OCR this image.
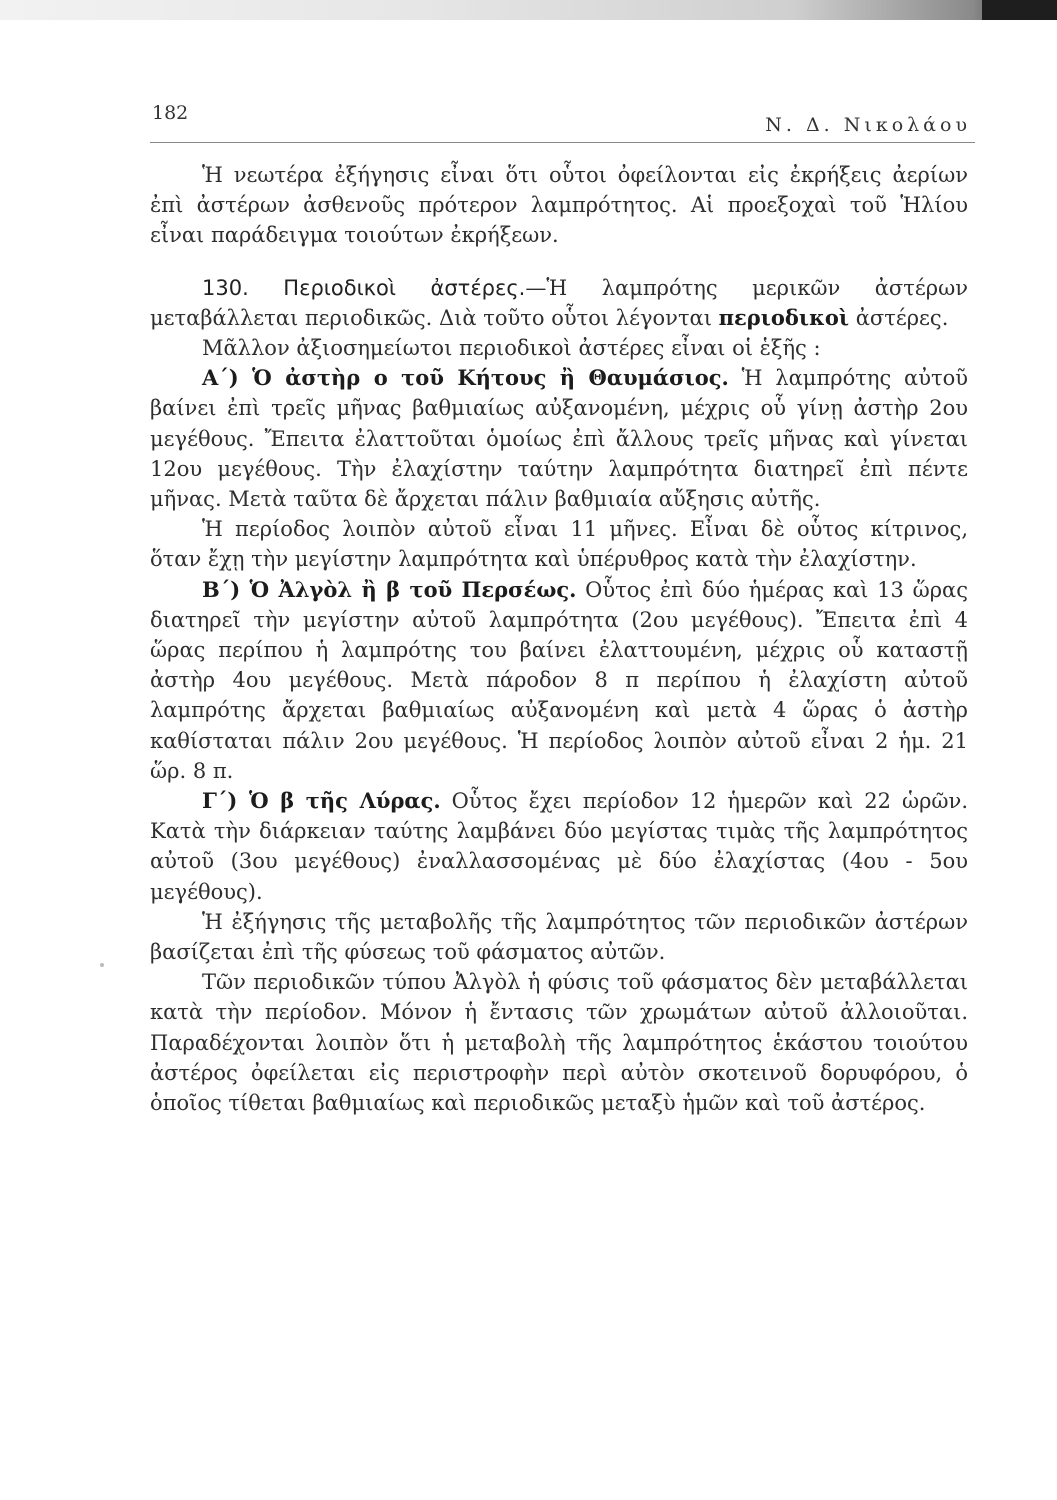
182
Ν. Δ. Νικολάου

Ἡ νεωτέρα ἐξήγησις εἶναι ὅτι οὗτοι ὀφείλονται εἰς ἐκρήξεις ἀερίων ἐπὶ ἀστέρων ἀσθενοῦς πρότερον λαμπρότητος. Αἱ προεξοχαὶ τοῦ Ἡλίου εἶναι παράδειγμα τοιούτων ἐκρήξεων.

130. Περιοδικοὶ ἀστέρες.—Ἡ λαμπρότης μερικῶν ἀστέρων μεταβάλλεται περιοδικῶς. Διὰ τοῦτο οὗτοι λέγονται περιοδικοὶ ἀστέρες.

Μᾶλλον ἀξιοσημείωτοι περιοδικοὶ ἀστέρες εἶναι οἱ ἑξῆς :

Α΄) Ὁ ἀστὴρ ο τοῦ Κήτους ἢ Θαυμάσιος. Ἡ λαμπρότης αὐτοῦ βαίνει ἐπὶ τρεῖς μῆνας βαθμιαίως αὐξανομένη, μέχρις οὗ γίνῃ ἀστὴρ 2ου μεγέθους. Ἔπειτα ἐλαττοῦται ὁμοίως ἐπὶ ἄλλους τρεῖς μῆνας καὶ γίνεται 12ου μεγέθους. Τὴν ἐλαχίστην ταύτην λαμπρότητα διατηρεῖ ἐπὶ πέντε μῆνας. Μετὰ ταῦτα δὲ ἄρχεται πάλιν βαθμιαία αὔξησις αὐτῆς.

Ἡ περίοδος λοιπὸν αὐτοῦ εἶναι 11 μῆνες. Εἶναι δὲ οὗτος κίτρινος, ὅταν ἔχῃ τὴν μεγίστην λαμπρότητα καὶ ὑπέρυθρος κατὰ τὴν ἐλαχίστην.

Β΄) Ὁ Ἀλγὸλ ἢ β τοῦ Περσέως. Οὗτος ἐπὶ δύο ἡμέρας καὶ 13 ὥρας διατηρεῖ τὴν μεγίστην αὐτοῦ λαμπρότητα (2ου μεγέθους). Ἔπειτα ἐπὶ 4 ὥρας περίπου ἡ λαμπρότης του βαίνει ἐλαττουμένη, μέχρις οὗ καταστῇ ἀστὴρ 4ου μεγέθους. Μετὰ πάροδον 8 π περίπου ἡ ἐλαχίστη αὐτοῦ λαμπρότης ἄρχεται βαθμιαίως αὐξανομένη καὶ μετὰ 4 ὥρας ὁ ἀστὴρ καθίσταται πάλιν 2ου μεγέθους. Ἡ περίοδος λοιπὸν αὐτοῦ εἶναι 2 ἡμ. 21 ὥρ. 8 π.

Γ΄) Ὁ β τῆς Λύρας. Οὗτος ἔχει περίοδον 12 ἡμερῶν καὶ 22 ὡρῶν. Κατὰ τὴν διάρκειαν ταύτης λαμβάνει δύο μεγίστας τιμὰς τῆς λαμπρότητος αὐτοῦ (3ου μεγέθους) ἐναλλασσομένας μὲ δύο ἐλαχίστας (4ου - 5ου μεγέθους).

Ἡ ἐξήγησις τῆς μεταβολῆς τῆς λαμπρότητος τῶν περιοδικῶν ἀστέρων βασίζεται ἐπὶ τῆς φύσεως τοῦ φάσματος αὐτῶν.

Τῶν περιοδικῶν τύπου Ἀλγὸλ ἡ φύσις τοῦ φάσματος δὲν μεταβάλλεται κατὰ τὴν περίοδον. Μόνον ἡ ἔντασις τῶν χρωμάτων αὐτοῦ ἀλλοιοῦται. Παραδέχονται λοιπὸν ὅτι ἡ μεταβολὴ τῆς λαμπρότητος ἑκάστου τοιούτου ἀστέρος ὀφείλεται εἰς περιστροφὴν περὶ αὐτὸν σκοτεινοῦ δορυφόρου, ὁ ὁποῖος τίθεται βαθμιαίως καὶ περιοδικῶς μεταξὺ ἡμῶν καὶ τοῦ ἀστέρος.
